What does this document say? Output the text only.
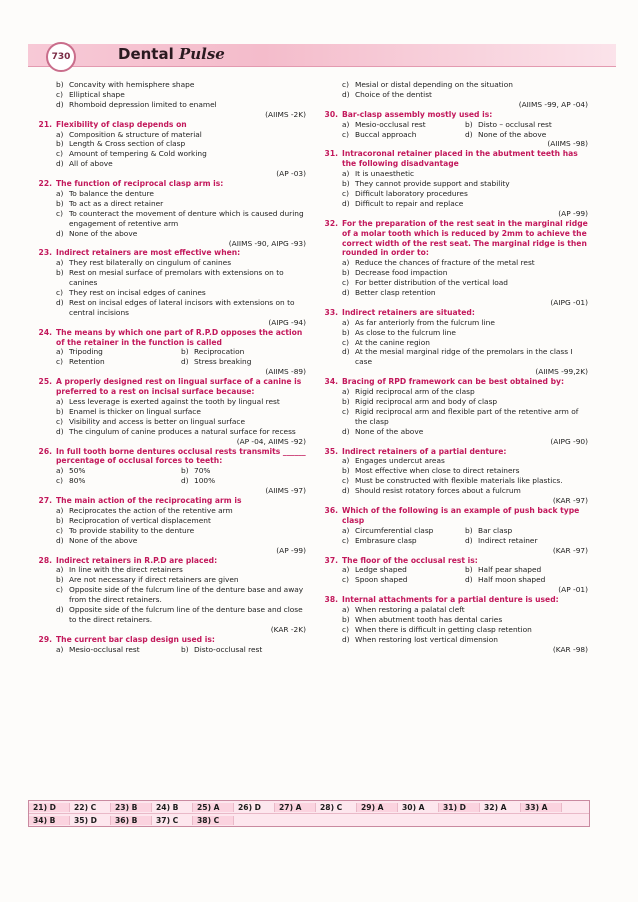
730	Dental Pulse
b) Concavity with hemisphere shape
c) Elliptical shape
d) Rhomboid depression limited to enamel
(AIIMS -2K)
21. Flexibility of clasp depends on
a) Composition & structure of material
b) Length & Cross section of clasp
c) Amount of tempering & Cold working
d) All of above
(AP -03)
22. The function of reciprocal clasp arm is:
a) To balance the denture
b) To act as a direct retainer
c) To counteract the movement of denture which is caused during engagement of retentive arm
d) None of the above
(AIIMS -90, AIPG -93)
23. Indirect retainers are most effective when:
a) They rest bilaterally on cingulum of canines
b) Rest on mesial surface of premolars with extensions on to canines
c) They rest on incisal edges of canines
d) Rest on incisal edges of lateral incisors with extensions on to central incisions
(AIPG -94)
24. The means by which one part of R.P.D opposes the action of the retainer in the function is called
a) Tripoding	b) Reciprocation
c) Retention	d) Stress breaking
(AIIMS -89)
25. A properly designed rest on lingual surface of a canine is preferred to a rest on incisal surface because:
a) Less leverage is exerted against the tooth by lingual rest
b) Enamel is thicker on lingual surface
c) Visibility and access is better on lingual surface
d) The cingulum of canine produces a natural surface for recess
(AP -04, AIIMS -92)
26. In full tooth borne dentures occlusal rests transmits ______ percentage of occlusal forces to teeth:
a) 50%	b) 70%
c) 80%	d) 100%
(AIIMS -97)
27. The main action of the reciprocating arm is
a) Reciprocates the action of the retentive arm
b) Reciprocation of vertical displacement
c) To provide stability to the denture
d) None of the above
(AP -99)
28. Indirect retainers in R.P.D are placed:
a) In line with the direct retainers
b) Are not necessary if direct retainers are given
c) Opposite side of the fulcrum line of the denture base and away from the direct retainers.
d) Opposite side of the fulcrum line of the denture base and close to the direct retainers.
(KAR -2K)
29. The current bar clasp design used is:
a) Mesio-occlusal rest	b) Disto-occlusal rest
c) Mesial or distal depending on the situation
d) Choice of the dentist
(AIIMS -99, AP -04)
30. Bar-clasp assembly mostly used is:
a) Mesio-occlusal rest	b) Disto – occlusal rest
c) Buccal approach	d) None of the above
(AIIMS -98)
31. Intracoronal retainer placed in the abutment teeth has the following disadvantage
a) It is unaesthetic
b) They cannot provide support and stability
c) Difficult laboratory procedures
d) Difficult to repair and replace
(AP -99)
32. For the preparation of the rest seat in the marginal ridge of a molar tooth which is reduced by 2mm to achieve the correct width of the rest seat. The marginal ridge is then rounded in order to:
a) Reduce the chances of fracture of the metal rest
b) Decrease food impaction
c) For better distribution of the vertical load
d) Better clasp retention
(AIPG -01)
33. Indirect retainers are situated:
a) As far anteriorly from the fulcrum line
b) As close to the fulcrum line
c) At the canine region
d) At the mesial marginal ridge of the premolars in the class I case
(AIIMS -99,2K)
34. Bracing of RPD framework can be best obtained by:
a) Rigid reciprocal arm of the clasp
b) Rigid reciprocal arm and body of clasp
c) Rigid reciprocal arm and flexible part of the retentive arm of the clasp
d) None of the above
(AIPG -90)
35. Indirect retainers of a partial denture:
a) Engages undercut areas
b) Most effective when close to direct retainers
c) Must be constructed with flexible materials like plastics.
d) Should resist rotatory forces about a fulcrum
(KAR -97)
36. Which of the following is an example of push back type clasp
a) Circumferential clasp	b) Bar clasp
c) Embrasure clasp	d) Indirect retainer
(KAR -97)
37. The floor of the occlusal rest is:
a) Ledge shaped	b) Half pear shaped
c) Spoon shaped	d) Half moon shaped
(AP -01)
38. Internal attachments for a partial denture is used:
a) When restoring a palatal cleft
b) When abutment tooth has dental caries
c) When there is difficult in getting clasp retention
d) When restoring lost vertical dimension
(KAR -98)
21) D	22) C	23) B	24) B	25) A	26) D	27) A	28) C	29) A	30) A	31) D	32) A	33) A
34) B	35) D	36) B	37) C	38) C
